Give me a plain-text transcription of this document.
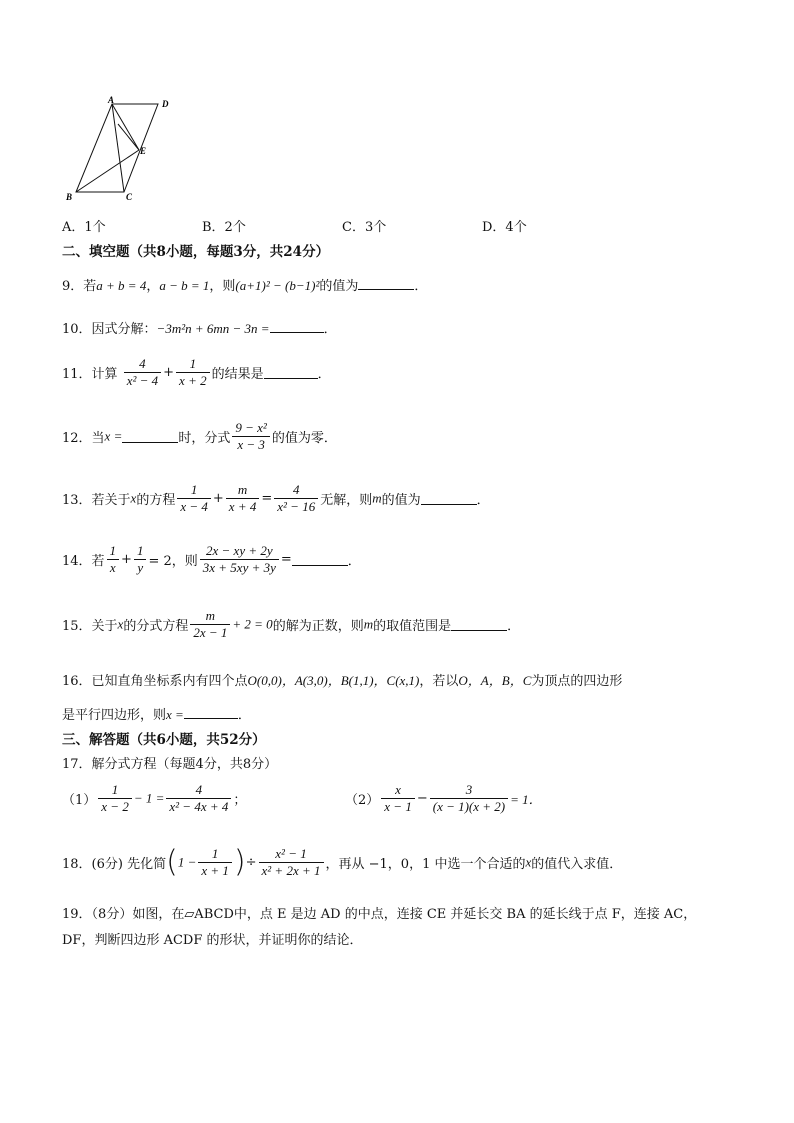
A	D
E
B	C
A．1个	B．2个	C．3个	D．4个
二、填空题（共8小题，每题3分，共24分）
9．若a + b = 4，a − b = 1，则(a+1)² − (b−1)²的值为	．
10．因式分解：−3m²n + 6mn − 3n =	．
11．计算 $\frac{4}{\text{x² − 4}} + \frac{1}{x + 2}$ 的结果是	．
12．当x =	时，分式 $\frac{\text{9 − x²}}{x - 3}$ 的值为零．
13．若关于x的方程 $\frac{1}{x - 4} + \frac{m}{x + 4} = \frac{4}{\text{x² − 16}}$ 无解，则m的值为	．
14．若 $\frac{1}{x} + \frac{1}{y} = 2$，则 $\frac{2x - xy + 2y}{3x + 5xy + 3y}$ =	．
15．关于x的分式方程 $\frac{m}{2x - 1} + 2 = 0$的解为正数，则m的取值范围是	．
16．已知直角坐标系内有四个点O(0,0)，A(3,0)，B(1,1)，C(x,1)，若以O，A，B，C为顶点的四边形
是平行四边形，则x =	．
三、解答题（共6小题，共52分）
17．解分式方程（每题4分，共8分）
$(1) \frac{1}{x - 2} - 1 = \frac{4}{\text{x² − 4x + 4}}$ ；	$(2) \frac{x}{x - 1} - \frac{3}{(x - 1)(x + 2)} = 1$．
18．(6分) 先化简($1 - \frac{1}{x + 1}$ )÷ $\frac{\text{x² − 1}}{\text{x² + 2x + 1}}$ ，再从 −1，0，1 中选一个合适的x的值代入求值．
19．（8分）如图，在▱ABCD中，点 E 是边 AD 的中点，连接 CE 并延长交 BA 的延长线于点 F，连接 AC，
DF，判断四边形 ACDF 的形状，并证明你的结论．
